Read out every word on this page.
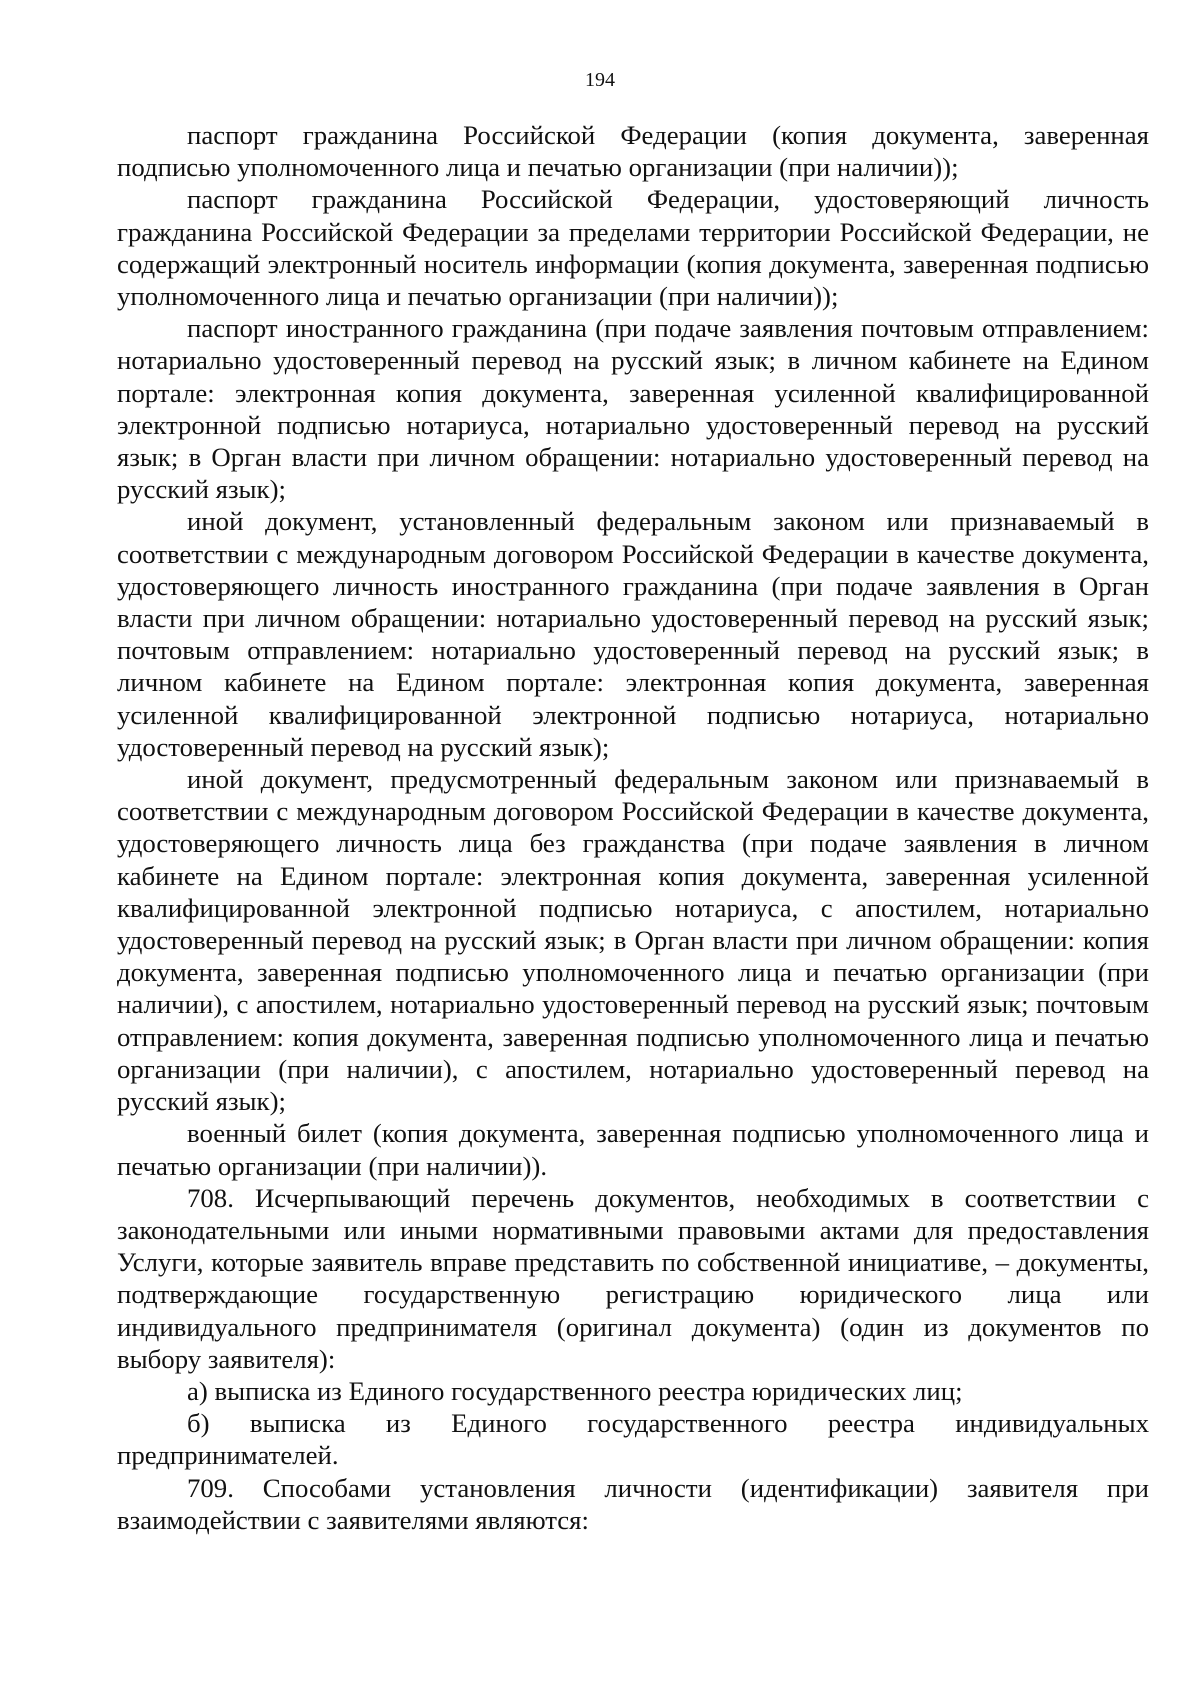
194

паспорт гражданина Российской Федерации (копия документа, заверенная подписью уполномоченного лица и печатью организации (при наличии));

паспорт гражданина Российской Федерации, удостоверяющий личность гражданина Российской Федерации за пределами территории Российской Федерации, не содержащий электронный носитель информации (копия документа, заверенная подписью уполномоченного лица и печатью организации (при наличии));

паспорт иностранного гражданина (при подаче заявления почтовым отправлением: нотариально удостоверенный перевод на русский язык; в личном кабинете на Едином портале: электронная копия документа, заверенная усиленной квалифицированной электронной подписью нотариуса, нотариально удостоверенный перевод на русский язык; в Орган власти при личном обращении: нотариально удостоверенный перевод на русский язык);

иной документ, установленный федеральным законом или признаваемый в соответствии с международным договором Российской Федерации в качестве документа, удостоверяющего личность иностранного гражданина (при подаче заявления в Орган власти при личном обращении: нотариально удостоверенный перевод на русский язык; почтовым отправлением: нотариально удостоверенный перевод на русский язык; в личном кабинете на Едином портале: электронная копия документа, заверенная усиленной квалифицированной электронной подписью нотариуса, нотариально удостоверенный перевод на русский язык);

иной документ, предусмотренный федеральным законом или признаваемый в соответствии с международным договором Российской Федерации в качестве документа, удостоверяющего личность лица без гражданства (при подаче заявления в личном кабинете на Едином портале: электронная копия документа, заверенная усиленной квалифицированной электронной подписью нотариуса, с апостилем, нотариально удостоверенный перевод на русский язык; в Орган власти при личном обращении: копия документа, заверенная подписью уполномоченного лица и печатью организации (при наличии), с апостилем, нотариально удостоверенный перевод на русский язык; почтовым отправлением: копия документа, заверенная подписью уполномоченного лица и печатью организации (при наличии), с апостилем, нотариально удостоверенный перевод на русский язык);

военный билет (копия документа, заверенная подписью уполномоченного лица и печатью организации (при наличии)).

708. Исчерпывающий перечень документов, необходимых в соответствии с законодательными или иными нормативными правовыми актами для предоставления Услуги, которые заявитель вправе представить по собственной инициативе, – документы, подтверждающие государственную регистрацию юридического лица или индивидуального предпринимателя (оригинал документа) (один из документов по выбору заявителя):

а) выписка из Единого государственного реестра юридических лиц;

б) выписка из Единого государственного реестра индивидуальных предпринимателей.

709. Способами установления личности (идентификации) заявителя при взаимодействии с заявителями являются:
